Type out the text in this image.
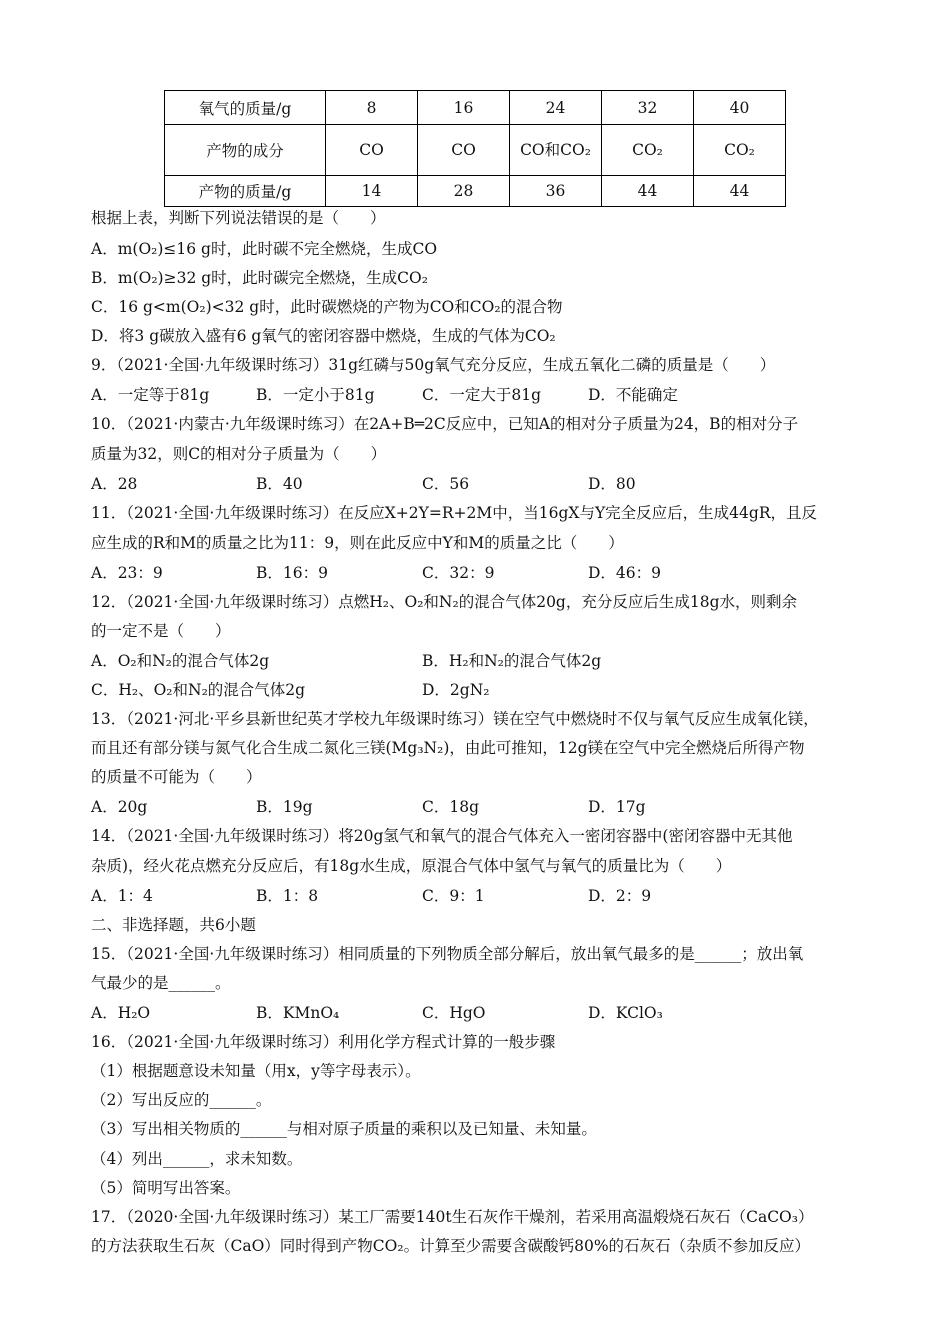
氧气的质量/g	8	16	24	32	40
产物的成分	CO	CO	CO和CO₂	CO₂	CO₂
产物的质量/g	14	28	36	44	44
根据上表，判断下列说法错误的是（　　）
A．m(O₂)≤16 g时，此时碳不完全燃烧，生成CO
B．m(O₂)≥32 g时，此时碳完全燃烧，生成CO₂
C．16 g<m(O₂)<32 g时，此时碳燃烧的产物为CO和CO₂的混合物
D．将3 g碳放入盛有6 g氧气的密闭容器中燃烧，生成的气体为CO₂
9．（2021·全国·九年级课时练习）31g红磷与50g氧气充分反应，生成五氧化二磷的质量是（　　）
A．一定等于81g	B．一定小于81g	C．一定大于81g	D．不能确定
10．（2021·内蒙古·九年级课时练习）在2A+B═2C反应中，已知A的相对分子质量为24，B的相对分子
质量为32，则C的相对分子质量为（　　）
A．28	B．40	C．56	D．80
11．（2021·全国·九年级课时练习）在反应X+2Y=R+2M中，当16gX与Y完全反应后，生成44gR，且反
应生成的R和M的质量之比为11：9，则在此反应中Y和M的质量之比（　　）
A．23：9	B．16：9	C．32：9	D．46：9
12．（2021·全国·九年级课时练习）点燃H₂、O₂和N₂的混合气体20g，充分反应后生成18g水，则剩余
的一定不是（　　）
A．O₂和N₂的混合气体2g	B．H₂和N₂的混合气体2g
C．H₂、O₂和N₂的混合气体2g	D．2gN₂
13．（2021·河北·平乡县新世纪英才学校九年级课时练习）镁在空气中燃烧时不仅与氧气反应生成氧化镁，
而且还有部分镁与氮气化合生成二氮化三镁(Mg₃N₂)，由此可推知，12g镁在空气中完全燃烧后所得产物
的质量不可能为（　　）
A．20g	B．19g	C．18g	D．17g
14．（2021·全国·九年级课时练习）将20g氢气和氧气的混合气体充入一密闭容器中(密闭容器中无其他
杂质)，经火花点燃充分反应后，有18g水生成，原混合气体中氢气与氧气的质量比为（　　）
A．1：4	B．1：8	C．9：1	D．2：9
二、非选择题，共6小题
15．（2021·全国·九年级课时练习）相同质量的下列物质全部分解后，放出氧气最多的是______；放出氧
气最少的是______。
A．H₂O	B．KMnO₄	C．HgO	D．KClO₃
16．（2021·全国·九年级课时练习）利用化学方程式计算的一般步骤
（1）根据题意设未知量（用x，y等字母表示）。
（2）写出反应的______。
（3）写出相关物质的______与相对原子质量的乘积以及已知量、未知量。
（4）列出______，求未知数。
（5）简明写出答案。
17．（2020·全国·九年级课时练习）某工厂需要140t生石灰作干燥剂，若采用高温煅烧石灰石（CaCO₃）
的方法获取生石灰（CaO）同时得到产物CO₂。计算至少需要含碳酸钙80%的石灰石（杂质不参加反应）
